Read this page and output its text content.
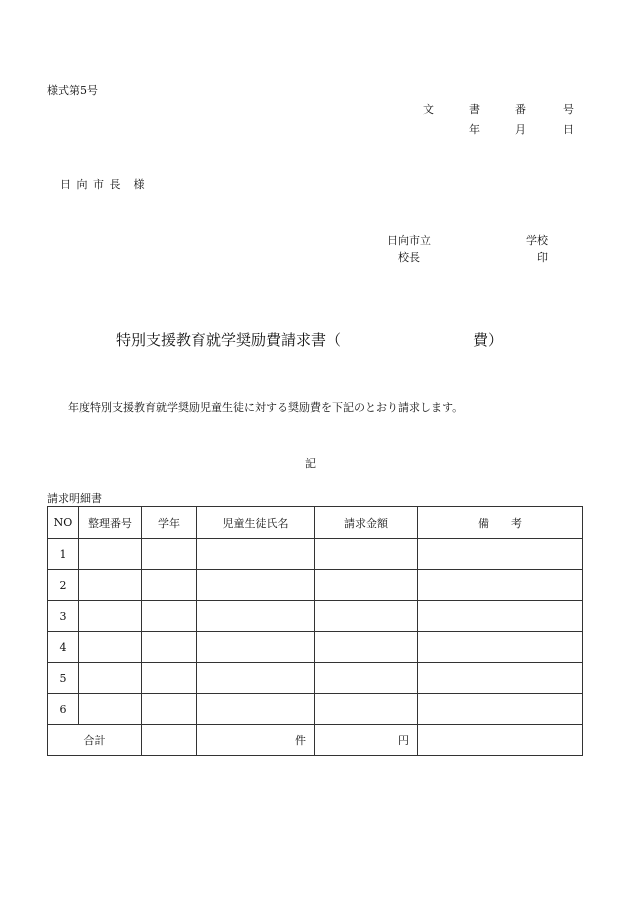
様式第5号
文	書	番	号
年	月	日
日 向 市 長　様
日向市立	学校
校長	印
特別支援教育就学奨励費請求書（	費）
年度特別支援教育就学奨励児童生徒に対する奨励費を下記のとおり請求します。
記
請求明細書
NO	整理番号	学年	児童生徒氏名	請求金額	備　　考
1					
2					
3					
4					
5					
6					
合計			件	円	
